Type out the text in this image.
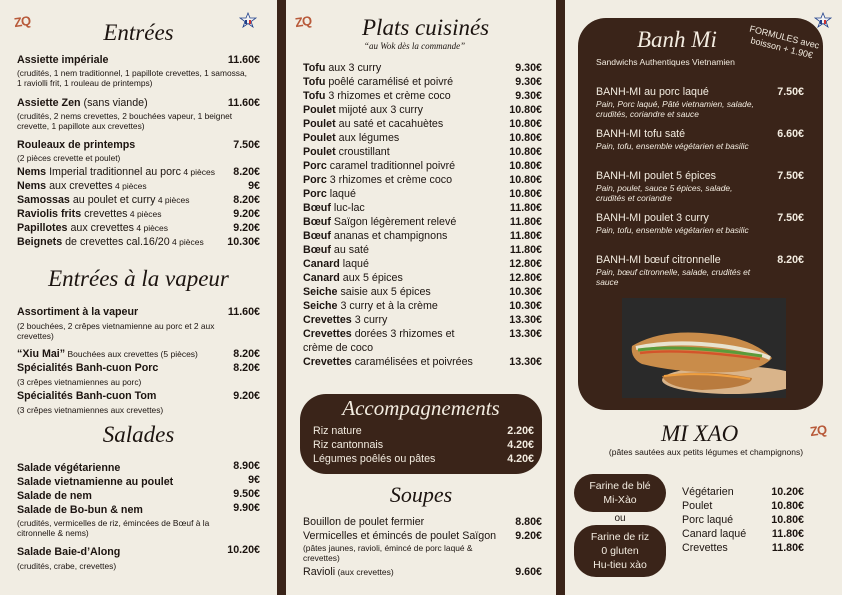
ZQ	Entrées
Assiette impériale	11.60€
(crudités, 1 nem traditionnel, 1 papillote crevettes, 1 samossa, 1 raviolli frit, 1 rouleau de printemps)
Assiette Zen (sans viande)	11.60€
(crudités, 2 nems crevettes, 2 bouchées vapeur, 1 beignet crevette, 1 papillote aux crevettes)
Rouleaux de printemps	7.50€
(2 pièces crevette et poulet)
Nems Imperial traditionnel au porc 4 pièces	8.20€
Nems aux crevettes 4 pièces	9€
Samossas au poulet et curry 4 pièces	8.20€
Raviolis frits crevettes 4 pièces	9.20€
Papillotes aux crevettes 4 pièces	9.20€
Beignets de crevettes cal.16/20 4 pièces	10.30€
Entrées à la vapeur
Assortiment à la vapeur	11.60€
(2 bouchées, 2 crêpes vietnamienne au porc et 2 aux crevettes)
“Xiu Mai” Bouchées aux crevettes (5 pièces)	8.20€
Spécialités Banh-cuon Porc	8.20€
(3 crêpes vietnamiennes au porc)
Spécialités Banh-cuon Tom	9.20€
(3 crêpes vietnamiennes aux crevettes)
Salades
Salade végétarienne	8.90€
Salade vietnamienne au poulet	9€
Salade de nem	9.50€
Salade de Bo-bun & nem	9.90€
(crudités, vermicelles de riz, émincées de Bœuf à la citronnelle & nems)
Salade Baie-d’Along	10.20€
(crudités, crabe, crevettes)
ZQ Plats cuisinés
“au Wok dès la commande”
Tofu aux 3 curry	9.30€
Tofu poêlé caramélisé et poivré	9.30€
Tofu 3 rhizomes et crème coco	9.30€
Poulet mijoté aux 3 curry	10.80€
Poulet au saté et cacahuètes	10.80€
Poulet aux légumes	10.80€
Poulet croustillant	10.80€
Porc caramel traditionnel poivré	10.80€
Porc 3 rhizomes et crème coco	10.80€
Porc laqué	10.80€
Bœuf luc-lac	11.80€
Bœuf Saïgon légèrement relevé	11.80€
Bœuf ananas et champignons	11.80€
Bœuf au saté	11.80€
Canard laqué	12.80€
Canard aux 5 épices	12.80€
Seiche saisie aux 5 épices	10.30€
Seiche 3 curry et à la crème	10.30€
Crevettes 3 curry	13.30€
Crevettes dorées 3 rhizomes et	13.30€
crème de coco
Crevettes caramélisées et poivrées	13.30€
Accompagnements
Riz nature	2.20€
Riz cantonnais	4.20€
Légumes poêlés ou pâtes	4.20€
Soupes
Bouillon de poulet fermier	8.80€
Vermicelles et émincés de poulet Saïgon	9.20€
(pâtes jaunes, ravioli, émincé de porc laqué & crevettes)
Ravioli (aux crevettes)	9.60€
Banh Mi	FORMULES avec boisson + 1.90€
Sandwichs Authentiques Vietnamien
BANH-MI au porc laqué	7.50€
Pain, Porc laqué, Pâté vietnamien, salade, crudités, coriandre et sauce
BANH-MI tofu saté	6.60€
Pain, tofu, ensemble végétarien et basilic
BANH-MI poulet 5 épices	7.50€
Pain, poulet, sauce 5 épices, salade, crudités et coriandre
BANH-MI poulet 3 curry	7.50€
Pain, tofu, ensemble végétarien et basilic
BANH-MI bœuf citronnelle	8.20€
Pain, bœuf citronnelle, salade, crudités et sauce
ZQ
MI XAO
(pâtes sautées aux petits légumes et champignons)
Farine de blé
Mi-Xào
ou
Farine de riz
0 gluten
Hu-tieu xào
Végétarien	10.20€
Poulet	10.80€
Porc laqué	10.80€
Canard laqué	11.80€
Crevettes	11.80€
